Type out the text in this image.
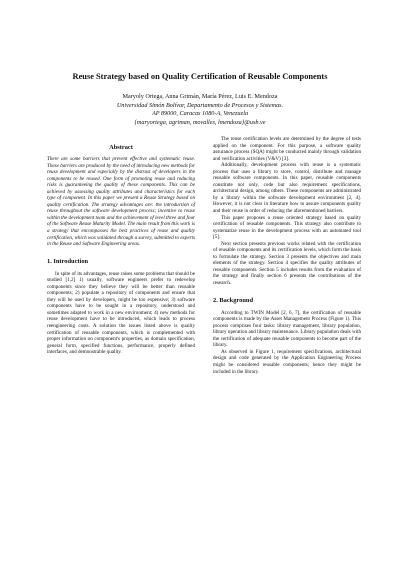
Reuse Strategy based on Quality Certification of Reusable Components
Maryoly Ortega, Anna Grimán, María Pérez, Luis E. Mendoza
Universidad Simón Bolívar, Departamento de Procesos y Sistemas.
AP 89000, Caracas 1080-A, Venezuela
{maryortega, agriman, movalles, lmendoza}@usb.ve
Abstract

There are some barriers that prevent effective and systematic reuse. These barriers are produced by the need of introducing new methods for reuse development and especially by the distrust of developers in the components to be reused. One form of promoting reuse and reducing risks is guaranteeing the quality of these components. This can be achieved by assessing quality attributes and characteristics for each type of component. In this paper we present a Reuse Strategy based on quality certification. The strategy advantages are: the introduction of reuse throughout the software development process; incentive to reuse within the development team and the achievement of level three and four of the Software Reuse Maturity Model. The main result from this work is a strategy that encompasses the best practices of reuse and quality certification, which was validated through a survey, submitted to experts in the Reuse and Software Engineering areas.

1. Introduction

In spite of its advantages, reuse raises some problems that should be studied [1,2] 1) usually, software engineers prefer to redevelop components since they believe they will be better than reusable components; 2) populate a repository of components and ensure that they will be used by developers, might be too expensive; 3) software components have to be sought in a repository, understood and sometimes adapted to work in a new environment; 4) new methods for reuse development have to be introduced, which leads to process reengineering costs. A solution the issues listed above is quality certification of reusable components, which is complemented with proper information on component's properties, as domain specification, general form, specified functions, performance, properly defined interfaces, and demonstrable quality.

The reuse certification levels are determined by the degree of tests applied on the component. For this purpose, a software quality assurance process (SQA) might be conducted mainly through validation and verification activities (V&V) [3].

Additionally, development process with reuse is a systematic process that uses a library to store, control, distribute and manage reusable software components. In this paper, reusable components constitute not only, code but also requirement specifications, architectural design, among others. These components are administrated by a library within the software development environment [2, 4]. However, it is not clear in literature how to assure components quality and their reuse in order of reducing the aforementioned barriers.

This paper proposes a reuse oriented strategy based on quality certification of reusable components. This strategy also contribute to systematize reuse in the development process with an automated tool [5].

Next section presents previous works related with the certification of reusable components and its certification levels, which form the basis to formulate the strategy. Section 3 presents the objectives and main elements of the strategy. Section 4 specifies the quality attributes of reusable components. Section 5 includes results from the evaluation of the strategy and finally section 6 presents the contributions of the research.

2. Background

According to TWIN Model [2, 6, 7], the certification of reusable components is made by the Asset Management Process (Figure 1). This process comprises four tasks: library management, library population, library operation and library maintenance. Library population deals with the certification of adequate reusable components to become part of the library.

As observed in Figure 1, requirement specifications, architectural design and code generated by the Application Engineering Process might be considered reusable components; hence they might be included in the library.
